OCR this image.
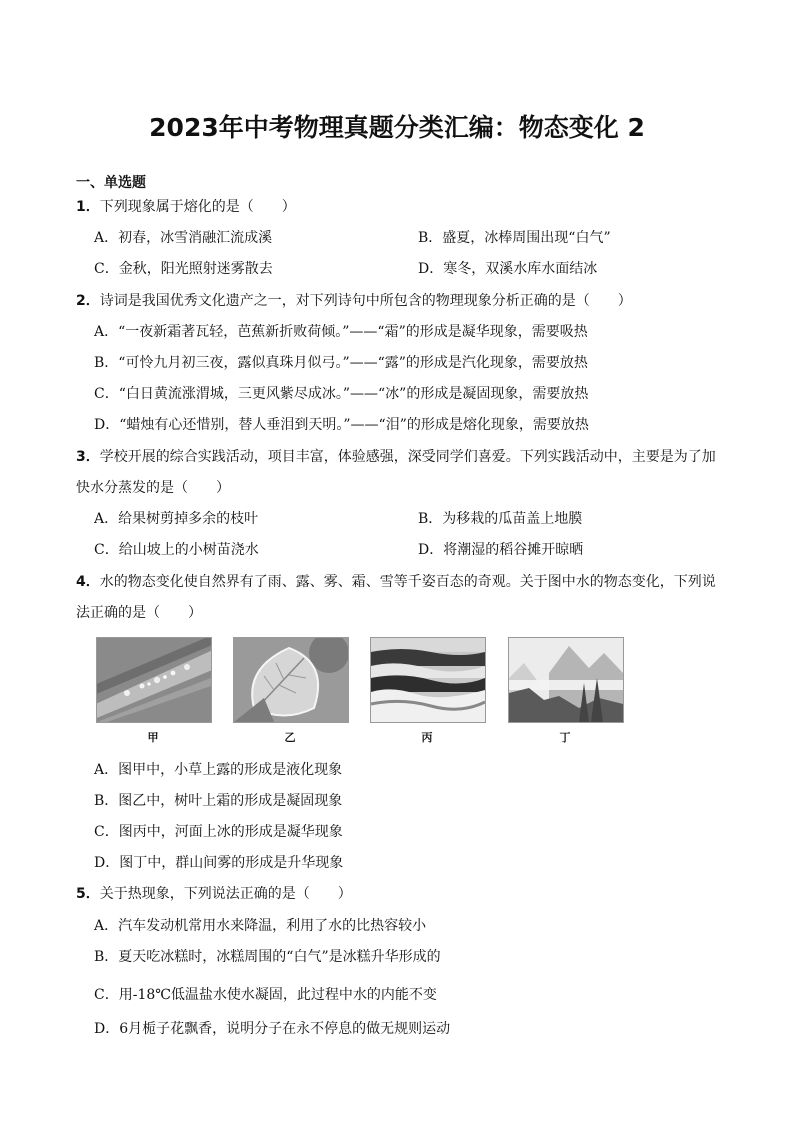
2023年中考物理真题分类汇编：物态变化 2
一、单选题
1．下列现象属于熔化的是（　　）
A．初春，冰雪消融汇流成溪	B．盛夏，冰棒周围出现“白气”
C．金秋，阳光照射迷雾散去	D．寒冬，双溪水库水面结冰
2．诗词是我国优秀文化遗产之一，对下列诗句中所包含的物理现象分析正确的是（　　）
A．“一夜新霜著瓦轻，芭蕉新折败荷倾。”——“霜”的形成是凝华现象，需要吸热
B．“可怜九月初三夜，露似真珠月似弓。”——“露”的形成是汽化现象，需要放热
C．“白日黄流涨渭城，三更风紫尽成冰。”——“冰”的形成是凝固现象，需要放热
D．“蜡烛有心还惜别，替人垂泪到天明。”——“泪”的形成是熔化现象，需要放热
3．学校开展的综合实践活动，项目丰富，体验感强，深受同学们喜爱。下列实践活动中，主要是为了加
快水分蒸发的是（　　）
A．给果树剪掉多余的枝叶	B．为移栽的瓜苗盖上地膜
C．给山坡上的小树苗浇水	D．将潮湿的稻谷摊开晾晒
4．水的物态变化使自然界有了雨、露、雾、霜、雪等千姿百态的奇观。关于图中水的物态变化，下列说
法正确的是（　　）
甲	乙	丙	丁
A．图甲中，小草上露的形成是液化现象
B．图乙中，树叶上霜的形成是凝固现象
C．图丙中，河面上冰的形成是凝华现象
D．图丁中，群山间雾的形成是升华现象
5．关于热现象，下列说法正确的是（　　）
A．汽车发动机常用水来降温，利用了水的比热容较小
B．夏天吃冰糕时，冰糕周围的“白气”是冰糕升华形成的
C．用-18℃低温盐水使水凝固，此过程中水的内能不变
D．6月栀子花飘香，说明分子在永不停息的做无规则运动
